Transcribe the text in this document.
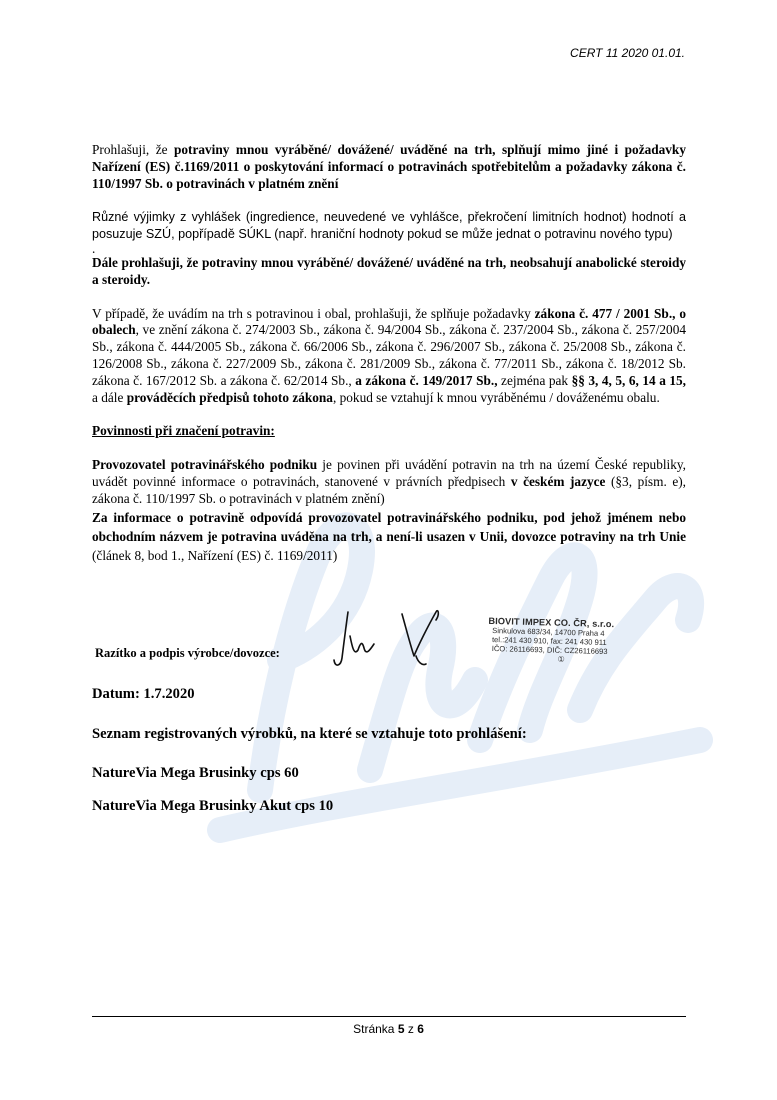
CERT 11 2020 01.01.

Prohlašuji, že potraviny mnou vyráběné/ dovážené/ uváděné na trh, splňují mimo jiné i požadavky Nařízení (ES) č.1169/2011 o poskytování informací o potravinách spotřebitelům a požadavky zákona č. 110/1997 Sb. o potravinách v platném znění

Různé výjimky z vyhlášek (ingredience, neuvedené ve vyhlášce, překročení limitních hodnot) hodnotí a posuzuje SZÚ, popřípadě SÚKL (např. hraniční hodnoty pokud se může jednat o potravinu nového typu)

.

Dále prohlašuji, že potraviny mnou vyráběné/ dovážené/ uváděné na trh, neobsahují anabolické steroidy a steroidy.

V případě, že uvádím na trh s potravinou i obal, prohlašuji, že splňuje požadavky zákona č. 477 / 2001 Sb., o obalech, ve znění zákona č. 274/2003 Sb., zákona č. 94/2004 Sb., zákona č. 237/2004 Sb., zákona č. 257/2004 Sb., zákona č. 444/2005 Sb., zákona č. 66/2006 Sb., zákona č. 296/2007 Sb., zákona č. 25/2008 Sb., zákona č. 126/2008 Sb., zákona č. 227/2009 Sb., zákona č. 281/2009 Sb., zákona č. 77/2011 Sb., zákona č. 18/2012 Sb. zákona č. 167/2012 Sb. a zákona č. 62/2014 Sb., a zákona č. 149/2017 Sb., zejména pak §§ 3, 4, 5, 6, 14 a 15, a dále prováděcích předpisů tohoto zákona, pokud se vztahují k mnou vyráběnému / dováženému obalu.

Povinnosti při značení potravin:

Provozovatel potravinářského podniku je povinen při uvádění potravin na trh na území České republiky, uvádět povinné informace o potravinách, stanovené v právních předpisech v českém jazyce (§3, písm. e), zákona č. 110/1997 Sb. o potravinách v platném znění)

Za informace o potravině odpovídá provozovatel potravinářského podniku, pod jehož jménem nebo obchodním názvem je potravina uváděna na trh, a není-li usazen v Unii, dovozce potraviny na trh Unie (článek 8, bod 1., Nařízení (ES) č. 1169/2011)

Razítko a podpis výrobce/dovozce:
BIOVIT IMPEX CO. ČR, s.r.o.
Sinkulova 683/34, 14700 Praha 4
tel.:241 430 910, fax: 241 430 911
IČO: 26116693, DIČ: CZ26116693
①
Datum: 1.7.2020
Seznam registrovaných výrobků, na které se vztahuje toto prohlášení:
NatureVia Mega Brusinky cps 60
NatureVia Mega Brusinky Akut cps 10
Stránka 5 z 6
